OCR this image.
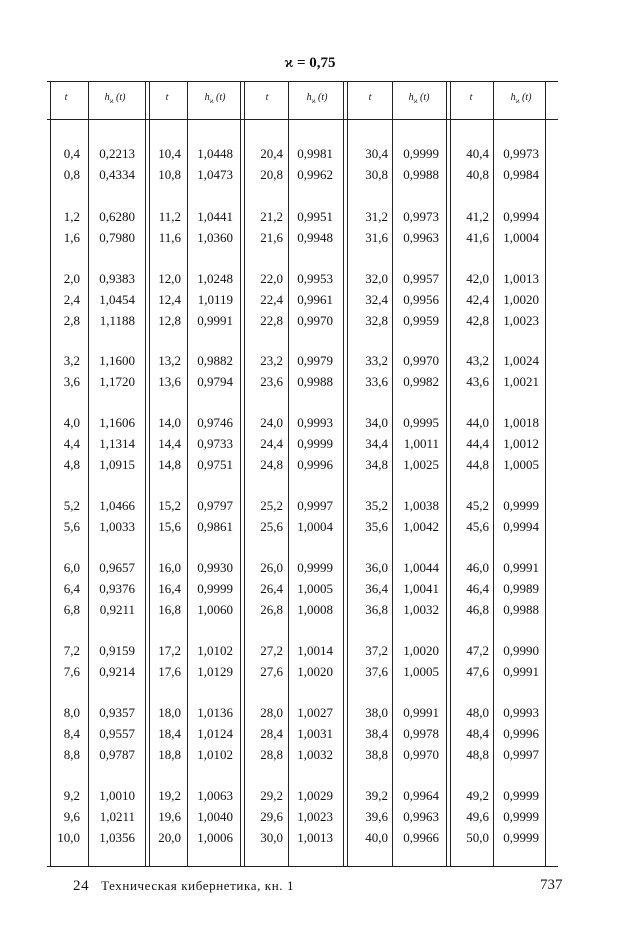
ϰ = 0,75
t	$h_ϰ$ (t)	t	$h_ϰ$ (t)	t	$h_ϰ$ (t)	t	$h_ϰ$ (t)	t	$h_ϰ$ (t)
0,4 0,2213 10,4 1,0448 20,4 0,9981 30,4 0,9999 40,4 0,9973
0,8 0,4334 10,8 1,0473 20,8 0,9962 30,8 0,9988 40,8 0,9984
1,2 0,6280 11,2 1,0441 21,2 0,9951 31,2 0,9973 41,2 0,9994
1,6 0,7980 11,6 1,0360 21,6 0,9948 31,6 0,9963 41,6 1,0004
2,0 0,9383 12,0 1,0248 22,0 0,9953 32,0 0,9957 42,0 1,0013
2,4 1,0454 12,4 1,0119 22,4 0,9961 32,4 0,9956 42,4 1,0020
2,8 1,1188 12,8 0,9991 22,8 0,9970 32,8 0,9959 42,8 1,0023
3,2 1,1600 13,2 0,9882 23,2 0,9979 33,2 0,9970 43,2 1,0024
3,6 1,1720 13,6 0,9794 23,6 0,9988 33,6 0,9982 43,6 1,0021
4,0 1,1606 14,0 0,9746 24,0 0,9993 34,0 0,9995 44,0 1,0018
4,4 1,1314 14,4 0,9733 24,4 0,9999 34,4 1,0011 44,4 1,0012
4,8 1,0915 14,8 0,9751 24,8 0,9996 34,8 1,0025 44,8 1,0005
5,2 1,0466 15,2 0,9797 25,2 0,9997 35,2 1,0038 45,2 0,9999
5,6 1,0033 15,6 0,9861 25,6 1,0004 35,6 1,0042 45,6 0,9994
6,0 0,9657 16,0 0,9930 26,0 0,9999 36,0 1,0044 46,0 0,9991
6,4 0,9376 16,4 0,9999 26,4 1,0005 36,4 1,0041 46,4 0,9989
6,8 0,9211 16,8 1,0060 26,8 1,0008 36,8 1,0032 46,8 0,9988
7,2 0,9159 17,2 1,0102 27,2 1,0014 37,2 1,0020 47,2 0,9990
7,6 0,9214 17,6 1,0129 27,6 1,0020 37,6 1,0005 47,6 0,9991
8,0 0,9357 18,0 1,0136 28,0 1,0027 38,0 0,9991 48,0 0,9993
8,4 0,9557 18,4 1,0124 28,4 1,0031 38,4 0,9978 48,4 0,9996
8,8 0,9787 18,8 1,0102 28,8 1,0032 38,8 0,9970 48,8 0,9997
9,2 1,0010 19,2 1,0063 29,2 1,0029 39,2 0,9964 49,2 0,9999
9,6 1,0211 19,6 1,0040 29,6 1,0023 39,6 0,9963 49,6 0,9999
10,0 1,0356 20,0 1,0006 30,0 1,0013 40,0 0,9966 50,0 0,9999
24 Техническая кибернетика, кн. 1	737
